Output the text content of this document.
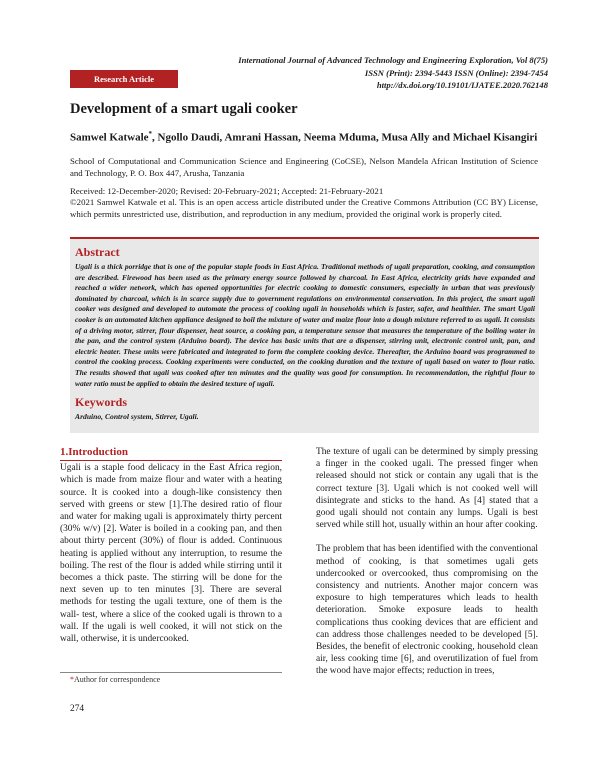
International Journal of Advanced Technology and Engineering Exploration, Vol 8(75)
ISSN (Print): 2394-5443 ISSN (Online): 2394-7454
http://dx.doi.org/10.19101/IJATEE.2020.762148
Research Article
Development of a smart ugali cooker
Samwel Katwale*, Ngollo Daudi, Amrani Hassan, Neema Mduma, Musa Ally and Michael Kisangiri
School of Computational and Communication Science and Engineering (CoCSE), Nelson Mandela African Institution of Science and Technology, P. O. Box 447, Arusha, Tanzania
Received: 12-December-2020; Revised: 20-February-2021; Accepted: 21-February-2021
©2021 Samwel Katwale et al. This is an open access article distributed under the Creative Commons Attribution (CC BY) License, which permits unrestricted use, distribution, and reproduction in any medium, provided the original work is properly cited.
Abstract

Ugali is a thick porridge that is one of the popular staple foods in East Africa. Traditional methods of ugali preparation, cooking, and consumption are described. Firewood has been used as the primary energy source followed by charcoal. In East Africa, electricity grids have expanded and reached a wider network, which has opened opportunities for electric cooking to domestic consumers, especially in urban that was previously dominated by charcoal, which is in scarce supply due to government regulations on environmental conservation. In this project, the smart ugali cooker was designed and developed to automate the process of cooking ugali in households which is faster, safer, and healthier. The smart Ugali cooker is an automated kitchen appliance designed to boil the mixture of water and maize flour into a dough mixture referred to as ugali. It consists of a driving motor, stirrer, flour dispenser, heat source, a cooking pan, a temperature sensor that measures the temperature of the boiling water in the pan, and the control system (Arduino board). The device has basic units that are a dispenser, stirring unit, electronic control unit, pan, and electric heater. These units were fabricated and integrated to form the complete cooking device. Thereafter, the Arduino board was programmed to control the cooking process. Cooking experiments were conducted, on the cooking duration and the texture of ugali based on water to flour ratio. The results showed that ugali was cooked after ten minutes and the quality was good for consumption. In recommendation, the rightful flour to water ratio must be applied to obtain the desired texture of ugali.

Keywords

Arduino, Control system, Stirrer, Ugali.

1.Introduction

Ugali is a staple food delicacy in the East Africa region, which is made from maize flour and water with a heating source. It is cooked into a dough-like consistency then served with greens or stew [1].The desired ratio of flour and water for making ugali is approximately thirty percent (30% w/v) [2]. Water is boiled in a cooking pan, and then about thirty percent (30%) of flour is added. Continuous heating is applied without any interruption, to resume the boiling. The rest of the flour is added while stirring until it becomes a thick paste. The stirring will be done for the next seven up to ten minutes [3]. There are several methods for testing the ugali texture, one of them is the wall- test, where a slice of the cooked ugali is thrown to a wall. If the ugali is well cooked, it will not stick on the wall, otherwise, it is undercooked.

The texture of ugali can be determined by simply pressing a finger in the cooked ugali. The pressed finger when released should not stick or contain any ugali that is the correct texture [3]. Ugali which is not cooked well will disintegrate and sticks to the hand. As [4] stated that a good ugali should not contain any lumps. Ugali is best served while still hot, usually within an hour after cooking.

The problem that has been identified with the conventional method of cooking, is that sometimes ugali gets undercooked or overcooked, thus compromising on the consistency and nutrients. Another major concern was exposure to high temperatures which leads to health deterioration. Smoke exposure leads to health complications thus cooking devices that are efficient and can address those challenges needed to be developed [5]. Besides, the benefit of electronic cooking, household clean air, less cooking time [6], and overutilization of fuel from the wood have major effects; reduction in trees,

*Author for correspondence
274
